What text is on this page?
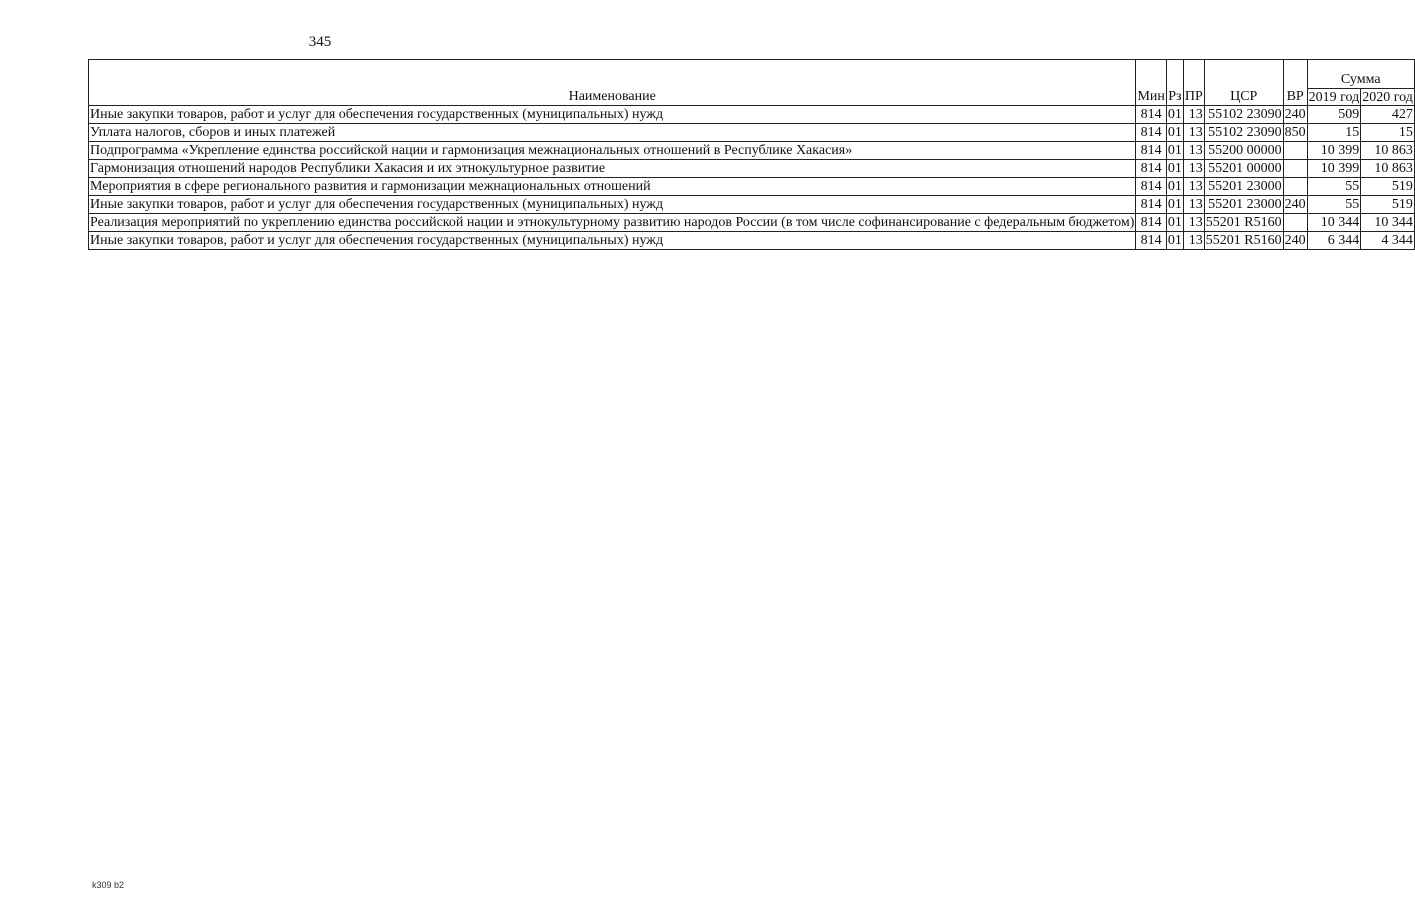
345
Наименование	Мин	Рз	ПР	ЦСР	ВР	Сумма	
						2019 год	2020 год
Иные закупки товаров, работ и услуг для обеспечения государственных (муниципальных) нужд	814	01	13	55102 23090	240	509	427
Уплата налогов, сборов и иных платежей	814	01	13	55102 23090	850	15	15
Подпрограмма «Укрепление единства российской нации и гармонизация межнациональных отношений в Республике Хакасия»	814	01	13	55200 00000		10 399	10 863
Гармонизация отношений народов Республики Хакасия и их этнокультурное развитие	814	01	13	55201 00000		10 399	10 863
Мероприятия в сфере регионального развития и гармонизации межнациональных отношений	814	01	13	55201 23000		55	519
Иные закупки товаров, работ и услуг для обеспечения государственных (муниципальных) нужд	814	01	13	55201 23000	240	55	519
Реализация мероприятий по укреплению единства российской нации и этнокультурному развитию народов России (в том числе софинансирование с федеральным бюджетом)	814	01	13	55201 R5160		10 344	10 344
Иные закупки товаров, работ и услуг для обеспечения государственных (муниципальных) нужд	814	01	13	55201 R5160	240	6 344	4 344
k309 b2
